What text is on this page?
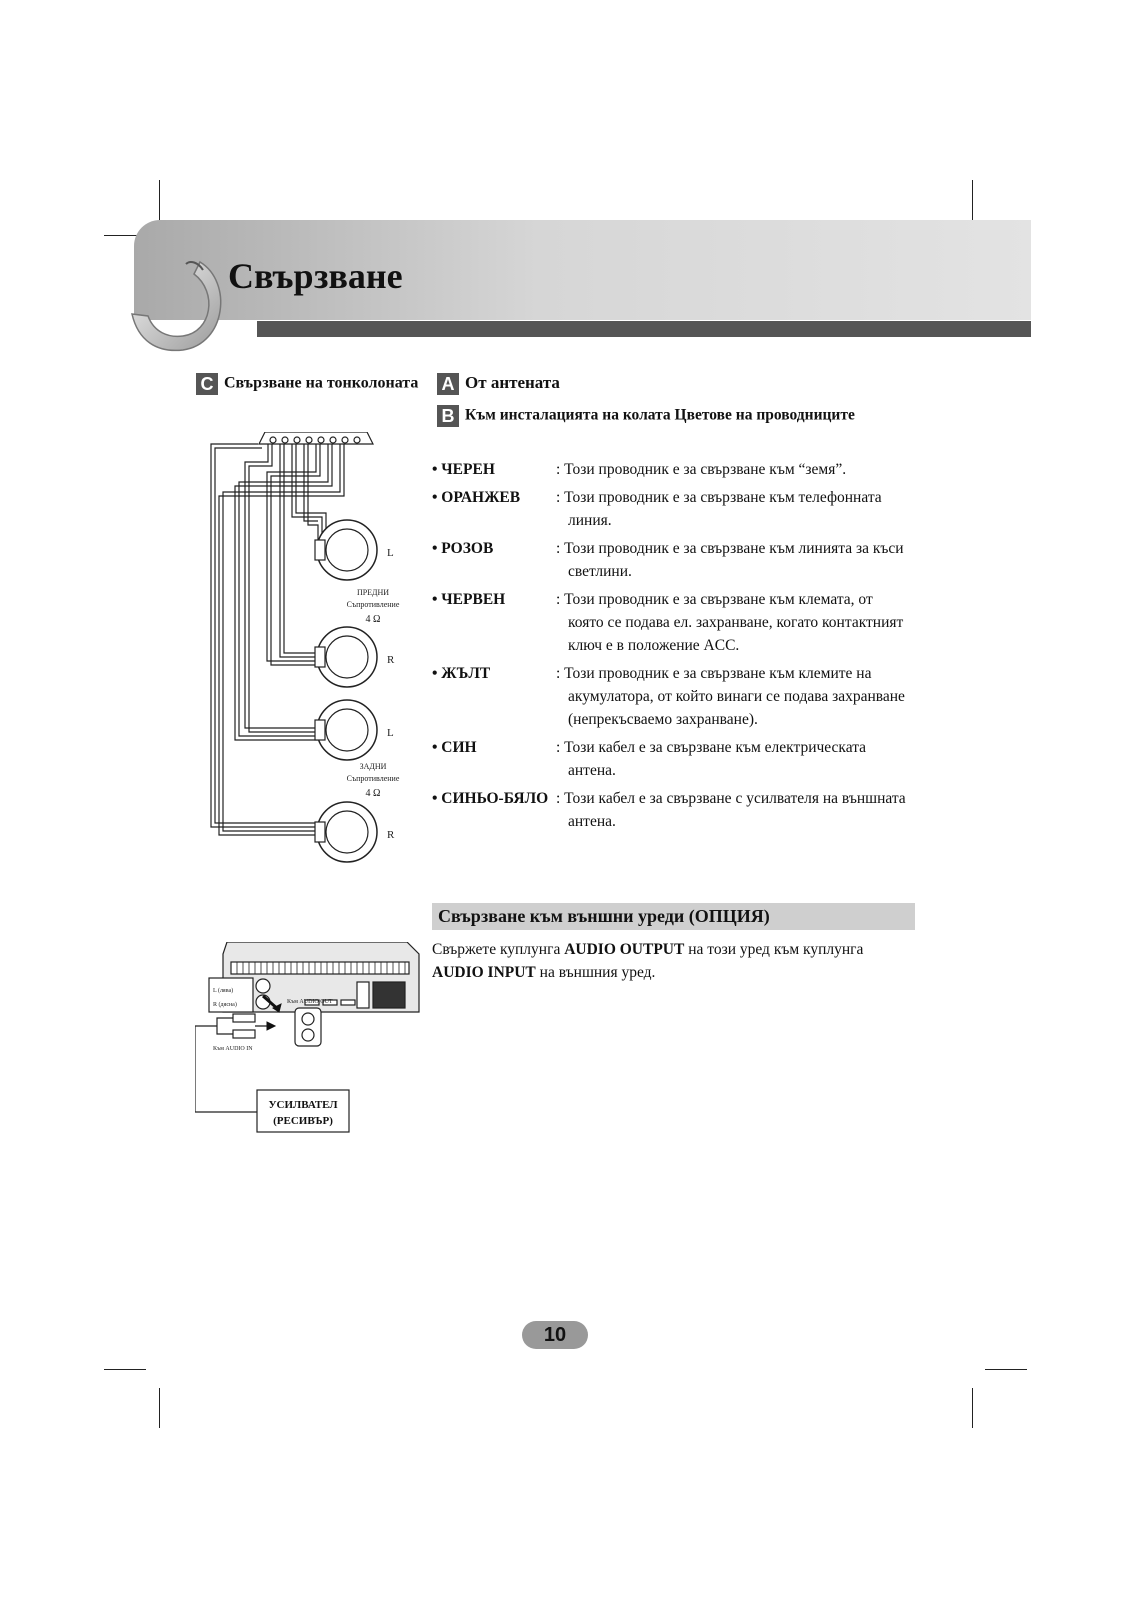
Свързване
C Свързване на тонколоната A От антената
B Към инсталацията на колата Цветове на проводниците
L
R
L
R
ПРЕДНИ
Съпротивление
4 Ω
ЗАДНИ
Съпротивление
4 Ω
• ЧЕРЕН	: Този проводник е за свързване към “земя”.
• ОРАНЖЕВ	: Този проводник е за свързване към телефонната линия.
• РОЗОВ	: Този проводник е за свързване към линията за къси светлини.
• ЧЕРВЕН	: Този проводник е за свързване към клемата, от която се подава ел. захранване, когато контактният ключ е в положение ACC.
• ЖЪЛТ	: Този проводник е за свързване към клемите на акумулатора, от който винаги се подава захранване (непрекъсваемо захранване).
• СИН	: Този кабел е за свързване към електрическата антена.
• СИНЬО-БЯЛО : Този кабел е за свързване с усилвателя на външната антена.
Свързване към външни уреди (ОПЦИЯ)
Свържете куплунга AUDIO OUTPUT на този уред към куплунга AUDIO INPUT на външния уред.
L (лява)
R (дясна)	Към AUDIO OUT
Към AUDIO IN
УСИЛВАТЕЛ
(РЕСИВЪР)
10
